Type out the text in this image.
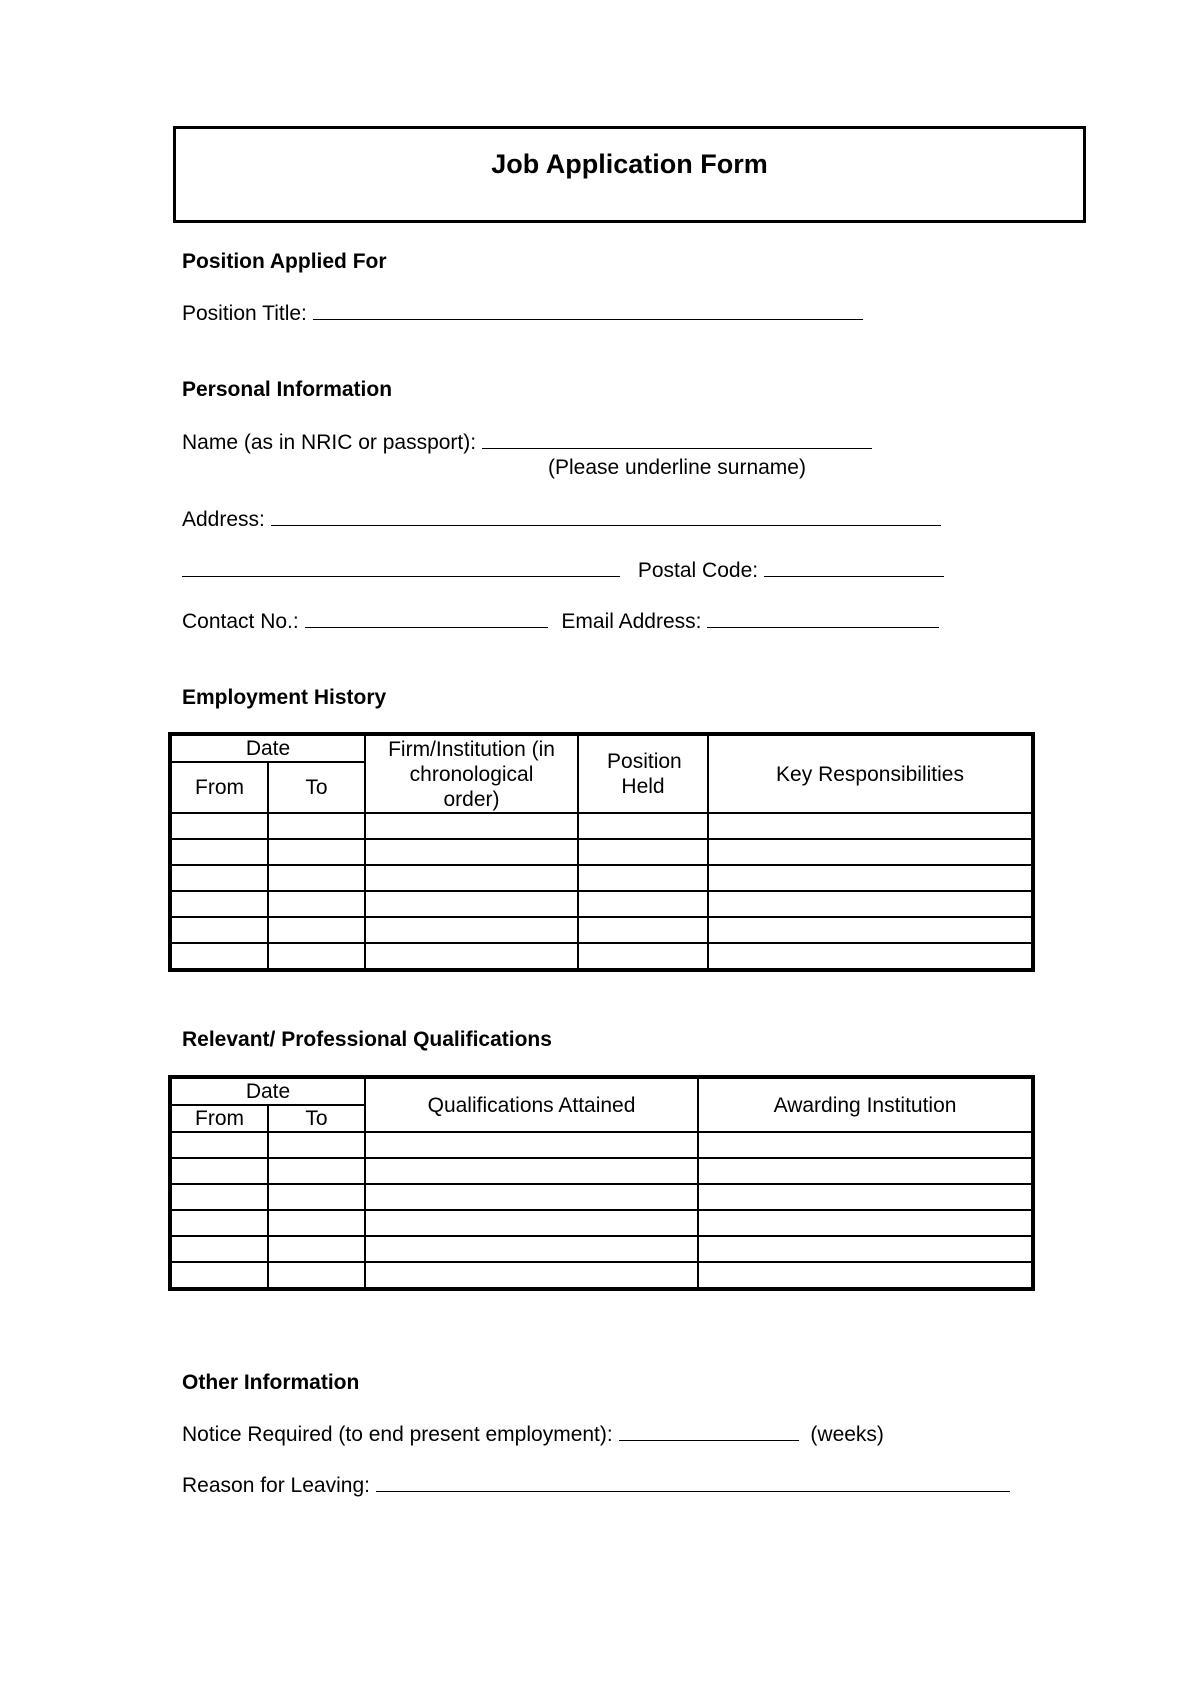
Job Application Form
Position Applied For
Position Title:
Personal Information
Name (as in NRIC or passport):
(Please underline surname)
Address:
Postal Code:
Contact No.:	Email Address:
Employment History
Date		Firm/Institution (in chronological order)	Position Held	Key Responsibilities
From	To			

Relevant/ Professional Qualifications
Date		Qualifications Attained	Awarding Institution
From	To		

Other Information
Notice Required (to end present employment):	(weeks)
Reason for Leaving:
